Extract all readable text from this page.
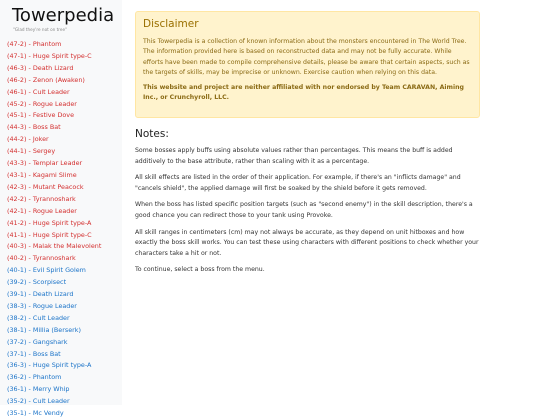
Towerpedia
"Glad they're not on tree"
(47-2) - Phantom
(47-1) - Huge Spirit type-C
(46-3) - Death Lizard
(46-2) - Zenon (Awaken)
(46-1) - Cult Leader
(45-2) - Rogue Leader
(45-1) - Festive Dove
(44-3) - Boss Bat
(44-2) - Joker
(44-1) - Sergey
(43-3) - Templar Leader
(43-1) - Kagami Slime
(42-3) - Mutant Peacock
(42-2) - Tyrannoshark
(42-1) - Rogue Leader
(41-2) - Huge Spirit type-A
(41-1) - Huge Spirit type-C
(40-3) - Malak the Malevolent
(40-2) - Tyrannoshark
(40-1) - Evil Spirit Golem
(39-2) - Scorpisect
(39-1) - Death Lizard
(38-3) - Rogue Leader
(38-2) - Cult Leader
(38-1) - Millia (Berserk)
(37-2) - Gangshark
(37-1) - Boss Bat
(36-3) - Huge Spirit type-A
(36-2) - Phantom
(36-1) - Merry Whip
(35-2) - Cult Leader
(35-1) - Mc Vendy
Disclaimer
This Towerpedia is a collection of known information about the monsters encountered in The World Tree. The information provided here is based on reconstructed data and may not be fully accurate. While efforts have been made to compile comprehensive details, please be aware that certain aspects, such as the targets of skills, may be imprecise or unknown. Exercise caution when relying on this data.
This website and project are neither affiliated with nor endorsed by Team CARAVAN, Aiming Inc., or Crunchyroll, LLC.
Notes:

Some bosses apply buffs using absolute values rather than percentages. This means the buff is added additively to the base attribute, rather than scaling with it as a percentage.

All skill effects are listed in the order of their application. For example, if there's an "inflicts damage" and "cancels shield", the applied damage will first be soaked by the shield before it gets removed.

When the boss has listed specific position targets (such as "second enemy") in the skill description, there's a good chance you can redirect those to your tank using Provoke.

All skill ranges in centimeters (cm) may not always be accurate, as they depend on unit hitboxes and how exactly the boss skill works. You can test these using characters with different positions to check whether your characters take a hit or not.

To continue, select a boss from the menu.
